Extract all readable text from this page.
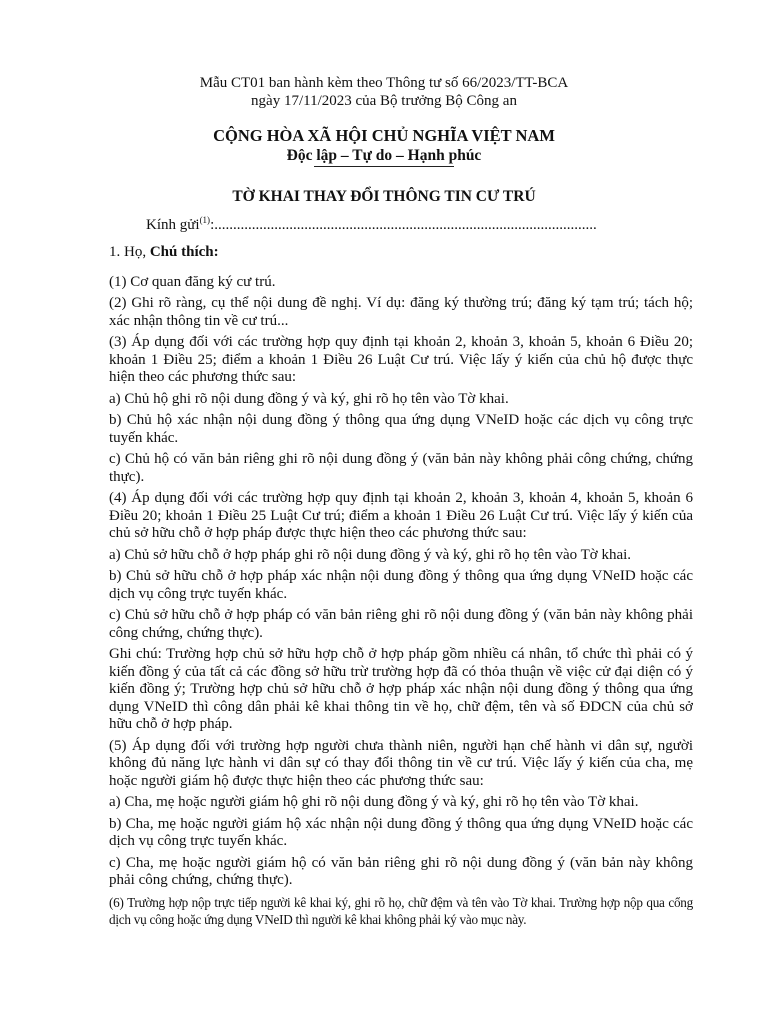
Mẫu CT01 ban hành kèm theo Thông tư số 66/2023/TT-BCA
ngày 17/11/2023 của Bộ trưởng Bộ Công an
CỘNG HÒA XÃ HỘI CHỦ NGHĨA VIỆT NAM
Độc lập – Tự do – Hạnh phúc
TỜ KHAI THAY ĐỔI THÔNG TIN CƯ TRÚ
Kính gửi$^{(1)}$:......................................................................................................

1. Họ, Chú thích:

(1) Cơ quan đăng ký cư trú.

(2) Ghi rõ ràng, cụ thể nội dung đề nghị. Ví dụ: đăng ký thường trú; đăng ký tạm trú; tách hộ; xác nhận thông tin về cư trú...

(3) Áp dụng đối với các trường hợp quy định tại khoản 2, khoản 3, khoản 5, khoản 6 Điều 20; khoản 1 Điều 25; điểm a khoản 1 Điều 26 Luật Cư trú. Việc lấy ý kiến của chủ hộ được thực hiện theo các phương thức sau:

a) Chủ hộ ghi rõ nội dung đồng ý và ký, ghi rõ họ tên vào Tờ khai.

b) Chủ hộ xác nhận nội dung đồng ý thông qua ứng dụng VNeID hoặc các dịch vụ công trực tuyến khác.

c) Chủ hộ có văn bản riêng ghi rõ nội dung đồng ý (văn bản này không phải công chứng, chứng thực).

(4) Áp dụng đối với các trường hợp quy định tại khoản 2, khoản 3, khoản 4, khoản 5, khoản 6 Điều 20; khoản 1 Điều 25 Luật Cư trú; điểm a khoản 1 Điều 26 Luật Cư trú. Việc lấy ý kiến của chủ sở hữu chỗ ở hợp pháp được thực hiện theo các phương thức sau:

a) Chủ sở hữu chỗ ở hợp pháp ghi rõ nội dung đồng ý và ký, ghi rõ họ tên vào Tờ khai.

b) Chủ sở hữu chỗ ở hợp pháp xác nhận nội dung đồng ý thông qua ứng dụng VNeID hoặc các dịch vụ công trực tuyến khác.

c) Chủ sở hữu chỗ ở hợp pháp có văn bản riêng ghi rõ nội dung đồng ý (văn bản này không phải công chứng, chứng thực).

Ghi chú: Trường hợp chủ sở hữu hợp chỗ ở hợp pháp gồm nhiều cá nhân, tổ chức thì phải có ý kiến đồng ý của tất cả các đồng sở hữu trừ trường hợp đã có thỏa thuận về việc cử đại diện có ý kiến đồng ý; Trường hợp chủ sở hữu chỗ ở hợp pháp xác nhận nội dung đồng ý thông qua ứng dụng VNeID thì công dân phải kê khai thông tin về họ, chữ đệm, tên và số ĐDCN của chủ sở hữu chỗ ở hợp pháp.

(5) Áp dụng đối với trường hợp người chưa thành niên, người hạn chế hành vi dân sự, người không đủ năng lực hành vi dân sự có thay đổi thông tin về cư trú. Việc lấy ý kiến của cha, mẹ hoặc người giám hộ được thực hiện theo các phương thức sau:

a) Cha, mẹ hoặc người giám hộ ghi rõ nội dung đồng ý và ký, ghi rõ họ tên vào Tờ khai.

b) Cha, mẹ hoặc người giám hộ xác nhận nội dung đồng ý thông qua ứng dụng VNeID hoặc các dịch vụ công trực tuyến khác.

c) Cha, mẹ hoặc người giám hộ có văn bản riêng ghi rõ nội dung đồng ý (văn bản này không phải công chứng, chứng thực).

(6) Trường hợp nộp trực tiếp người kê khai ký, ghi rõ họ, chữ đệm và tên vào Tờ khai. Trường hợp nộp qua cổng dịch vụ công hoặc ứng dụng VNeID thì người kê khai không phải ký vào mục này.
